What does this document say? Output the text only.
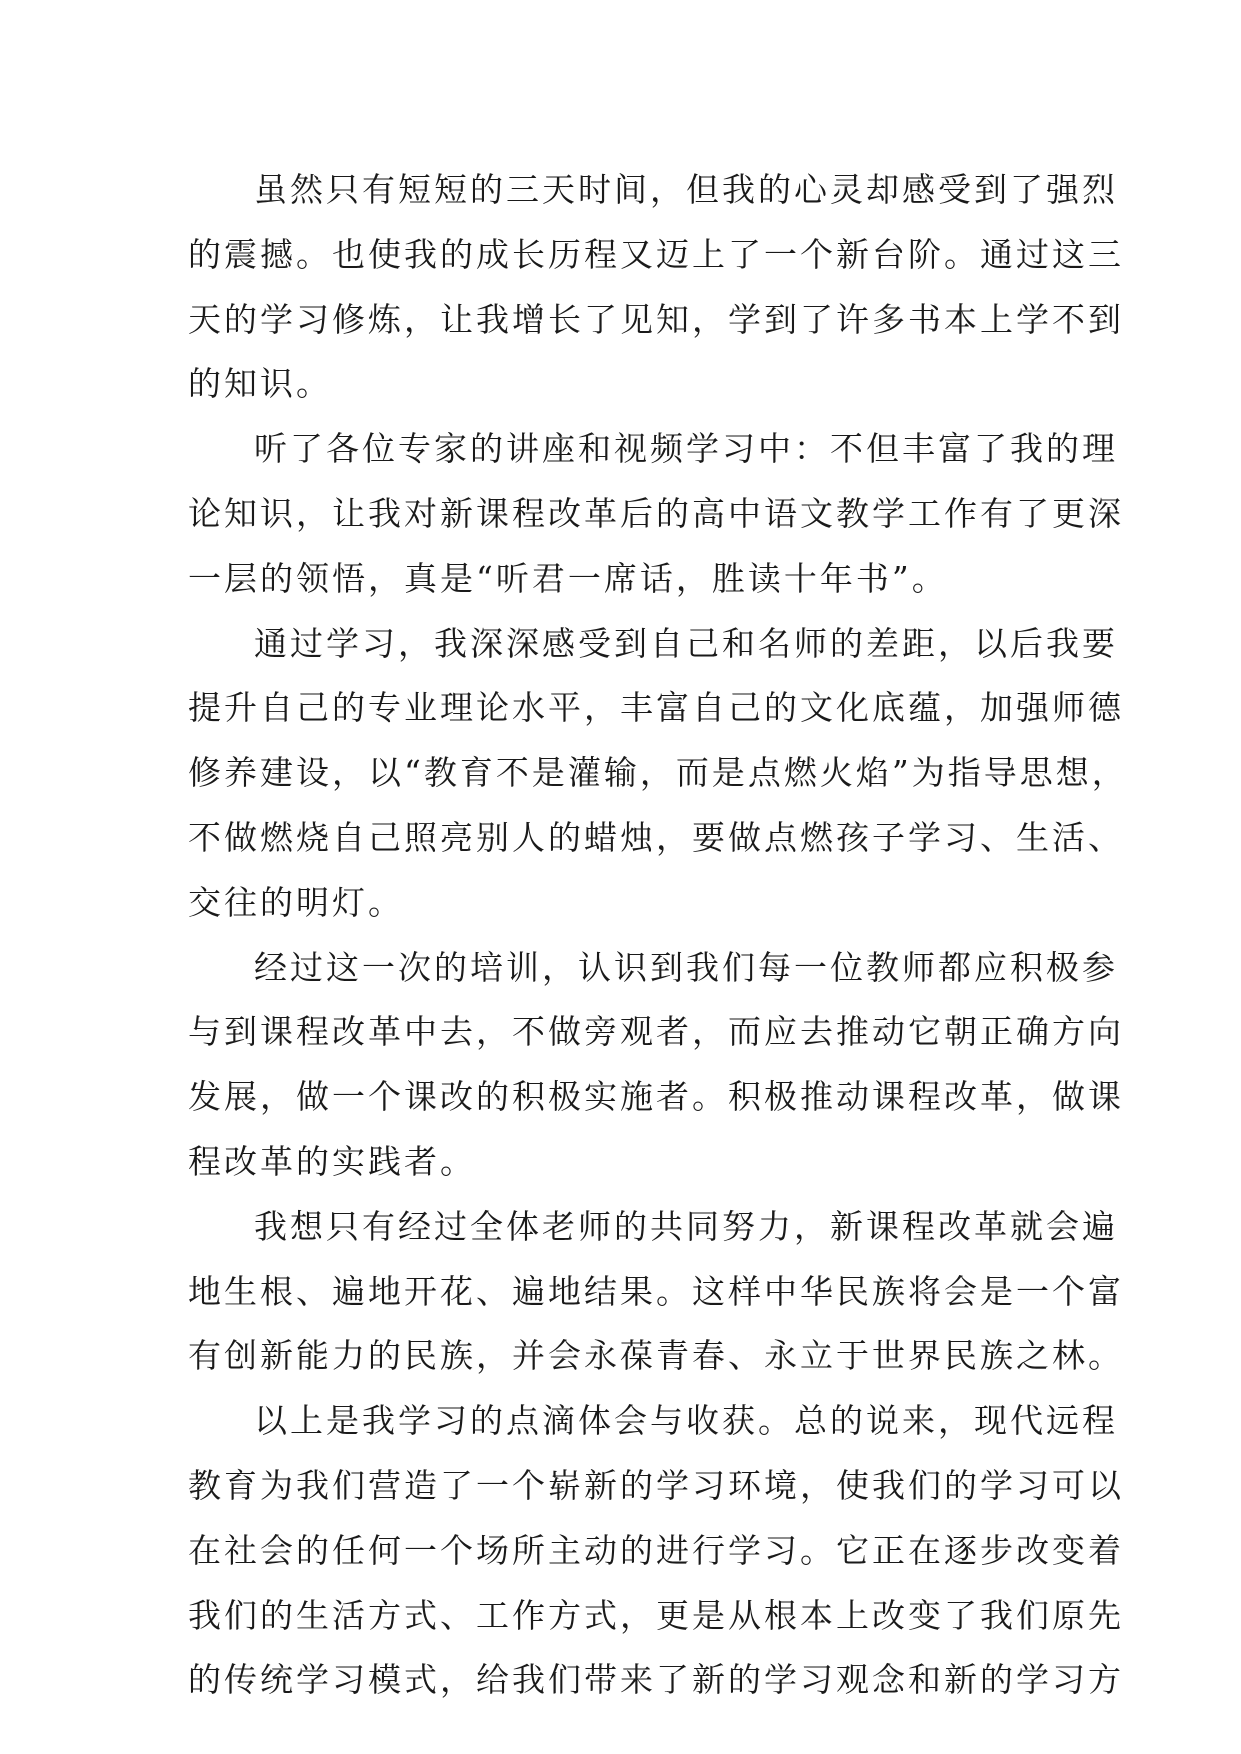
虽然只有短短的三天时间，但我的心灵却感受到了强烈
的震撼。也使我的成长历程又迈上了一个新台阶。通过这三
天的学习修炼，让我增长了见知，学到了许多书本上学不到
的知识。
听了各位专家的讲座和视频学习中：不但丰富了我的理
论知识，让我对新课程改革后的高中语文教学工作有了更深
一层的领悟，真是“听君一席话，胜读十年书”。
通过学习，我深深感受到自己和名师的差距，以后我要
提升自己的专业理论水平，丰富自己的文化底蕴，加强师德
修养建设，以“教育不是灌输，而是点燃火焰”为指导思想，
不做燃烧自己照亮别人的蜡烛，要做点燃孩子学习、生活、
交往的明灯。
经过这一次的培训，认识到我们每一位教师都应积极参
与到课程改革中去，不做旁观者，而应去推动它朝正确方向
发展，做一个课改的积极实施者。积极推动课程改革，做课
程改革的实践者。
我想只有经过全体老师的共同努力，新课程改革就会遍
地生根、遍地开花、遍地结果。这样中华民族将会是一个富
有创新能力的民族，并会永葆青春、永立于世界民族之林。
以上是我学习的点滴体会与收获。总的说来，现代远程
教育为我们营造了一个崭新的学习环境，使我们的学习可以
在社会的任何一个场所主动的进行学习。它正在逐步改变着
我们的生活方式、工作方式，更是从根本上改变了我们原先
的传统学习模式，给我们带来了新的学习观念和新的学习方
